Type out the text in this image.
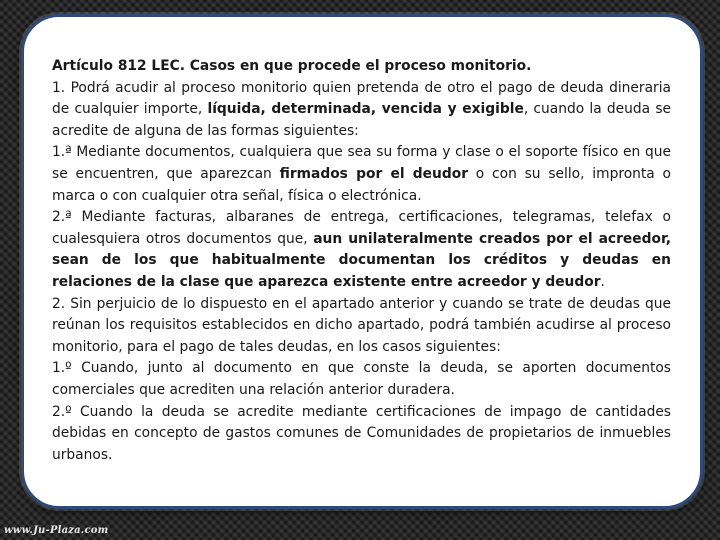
Artículo 812 LEC. Casos en que procede el proceso monitorio.

1. Podrá acudir al proceso monitorio quien pretenda de otro el pago de deuda dineraria de cualquier importe, líquida, determinada, vencida y exigible, cuando la deuda se acredite de alguna de las formas siguientes:

1.ª Mediante documentos, cualquiera que sea su forma y clase o el soporte físico en que se encuentren, que aparezcan firmados por el deudor o con su sello, impronta o marca o con cualquier otra señal, física o electrónica.

2.ª Mediante facturas, albaranes de entrega, certificaciones, telegramas, telefax o cualesquiera otros documentos que, aun unilateralmente creados por el acreedor, sean de los que habitualmente documentan los créditos y deudas en relaciones de la clase que aparezca existente entre acreedor y deudor.

2. Sin perjuicio de lo dispuesto en el apartado anterior y cuando se trate de deudas que reúnan los requisitos establecidos en dicho apartado, podrá también acudirse al proceso monitorio, para el pago de tales deudas, en los casos siguientes:

1.º Cuando, junto al documento en que conste la deuda, se aporten documentos comerciales que acrediten una relación anterior duradera.

2.º Cuando la deuda se acredite mediante certificaciones de impago de cantidades debidas en concepto de gastos comunes de Comunidades de propietarios de inmuebles urbanos.

www.Ju-Plaza.com
